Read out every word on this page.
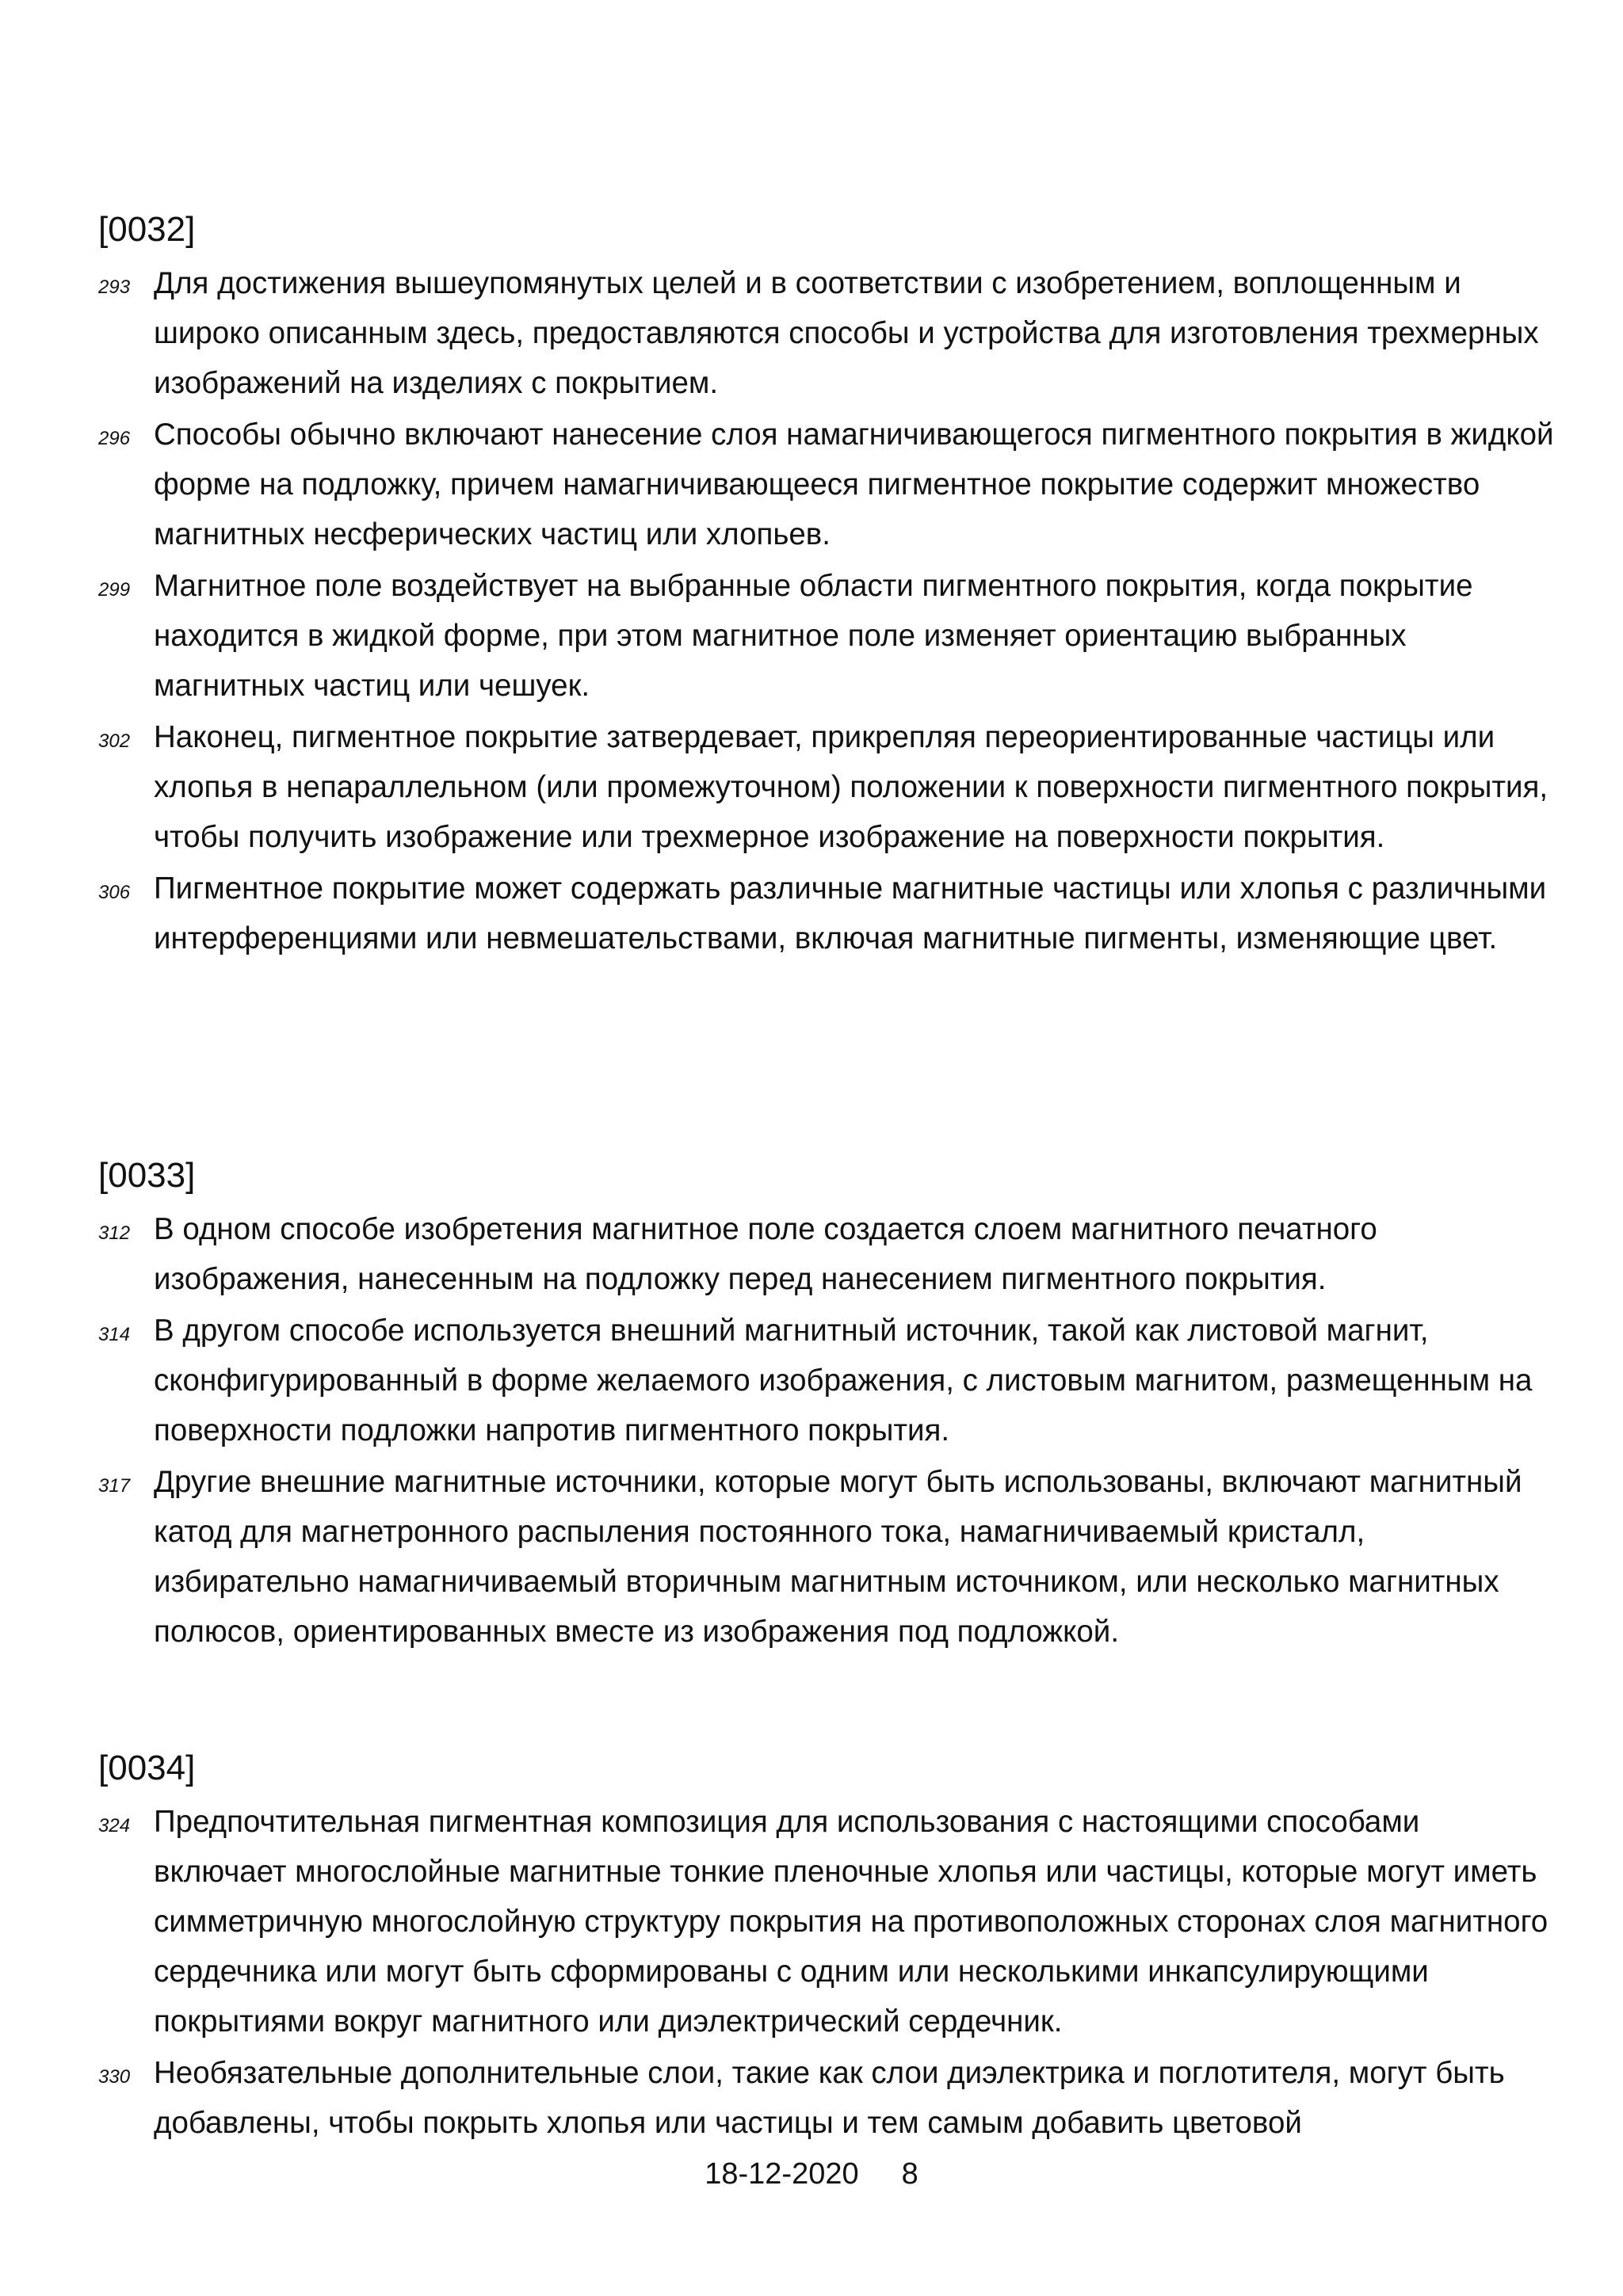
[0032]
293 Для достижения вышеупомянутых целей и в соответствии с изобретением, воплощенным и широко описанным здесь, предоставляются способы и устройства для изготовления трехмерных изображений на изделиях с покрытием.
296 Способы обычно включают нанесение слоя намагничивающегося пигментного покрытия в жидкой форме на подложку, причем намагничивающееся пигментное покрытие содержит множество магнитных несферических частиц или хлопьев.
299 Магнитное поле воздействует на выбранные области пигментного покрытия, когда покрытие находится в жидкой форме, при этом магнитное поле изменяет ориентацию выбранных магнитных частиц или чешуек.
302 Наконец, пигментное покрытие затвердевает, прикрепляя переориентированные частицы или хлопья в непараллельном (или промежуточном) положении к поверхности пигментного покрытия, чтобы получить изображение или трехмерное изображение на поверхности покрытия.
306 Пигментное покрытие может содержать различные магнитные частицы или хлопья с различными интерференциями или невмешательствами, включая магнитные пигменты, изменяющие цвет.
[0033]
312 В одном способе изобретения магнитное поле создается слоем магнитного печатного изображения, нанесенным на подложку перед нанесением пигментного покрытия.
314 В другом способе используется внешний магнитный источник, такой как листовой магнит, сконфигурированный в форме желаемого изображения, с листовым магнитом, размещенным на поверхности подложки напротив пигментного покрытия.
317 Другие внешние магнитные источники, которые могут быть использованы, включают магнитный катод для магнетронного распыления постоянного тока, намагничиваемый кристалл, избирательно намагничиваемый вторичным магнитным источником, или несколько магнитных полюсов, ориентированных вместе из изображения под подложкой.
[0034]
324 Предпочтительная пигментная композиция для использования с настоящими способами включает многослойные магнитные тонкие пленочные хлопья или частицы, которые могут иметь симметричную многослойную структуру покрытия на противоположных сторонах слоя магнитного сердечника или могут быть сформированы с одним или несколькими инкапсулирующими покрытиями вокруг магнитного или диэлектрический сердечник.
330 Необязательные дополнительные слои, такие как слои диэлектрика и поглотителя, могут быть добавлены, чтобы покрыть хлопья или частицы и тем самым добавить цветовой
18-12-2020 8
